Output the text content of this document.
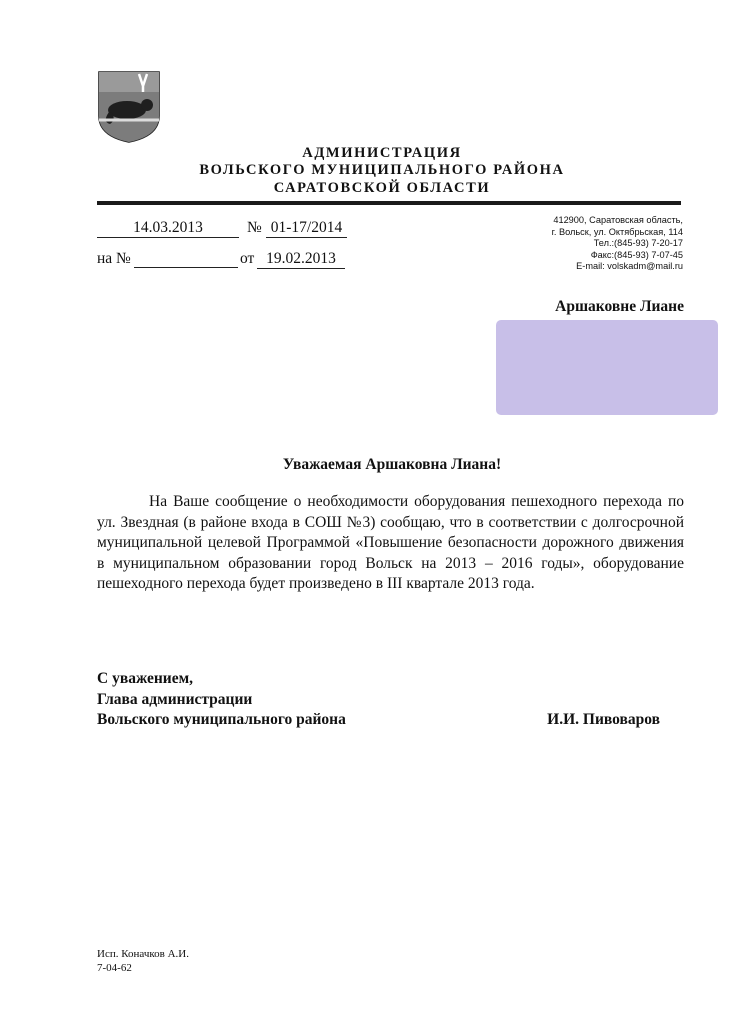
АДМИНИСТРАЦИЯ
ВОЛЬСКОГО МУНИЦИПАЛЬНОГО РАЙОНА
САРАТОВСКОЙ ОБЛАСТИ
14.03.2013	№ 01-17/2014
на №	от 19.02.2013
412900, Саратовская область,
г. Вольск, ул. Октябрьская, 114
Тел.:(845-93) 7-20-17
Факс:(845-93) 7-07-45
E-mail: volskadm@mail.ru
Аршаковне Лиане
Уважаемая Аршаковна Лиана!
На Ваше сообщение о необходимости оборудования пешеходного перехода по ул. Звездная (в районе входа в СОШ №3) сообщаю, что в соответствии с долгосрочной муниципальной целевой Программой «Повышение безопасности дорожного движения в муниципальном образовании город Вольск на 2013 – 2016 годы», оборудование пешеходного перехода будет произведено в III квартале 2013 года.
С уважением,
Глава администрации
Вольского муниципального района	И.И. Пивоваров
Исп. Коначков А.И.
7-04-62
